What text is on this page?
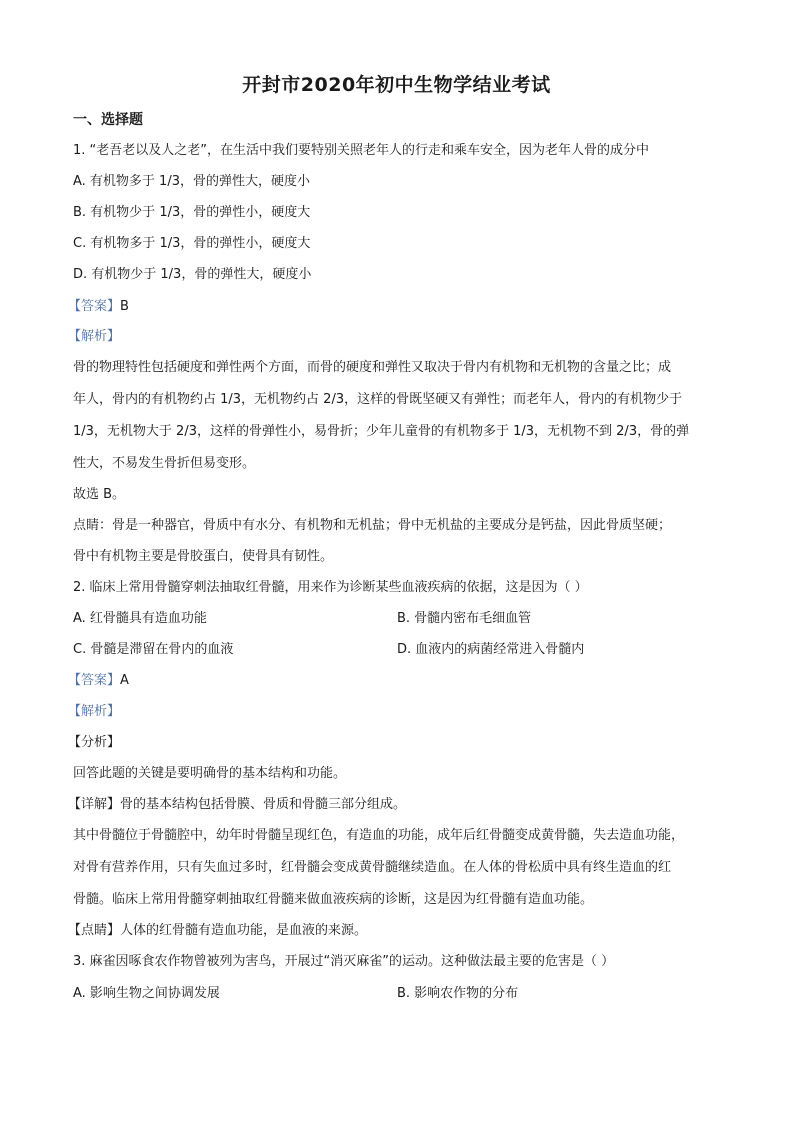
开封市2020年初中生物学结业考试
一、选择题
1. “老吾老以及人之老”，在生活中我们要特别关照老年人的行走和乘车安全，因为老年人骨的成分中
A. 有机物多于 1/3，骨的弹性大，硬度小
B. 有机物少于 1/3，骨的弹性小，硬度大
C. 有机物多于 1/3，骨的弹性小，硬度大
D. 有机物少于 1/3，骨的弹性大，硬度小
【答案】B
【解析】
骨的物理特性包括硬度和弹性两个方面，而骨的硬度和弹性又取决于骨内有机物和无机物的含量之比；成
年人，骨内的有机物约占 1/3，无机物约占 2/3，这样的骨既坚硬又有弹性；而老年人，骨内的有机物少于
1/3，无机物大于 2/3，这样的骨弹性小，易骨折；少年儿童骨的有机物多于 1/3，无机物不到 2/3，骨的弹
性大，不易发生骨折但易变形。
故选 B。
点睛：骨是一种器官，骨质中有水分、有机物和无机盐；骨中无机盐的主要成分是钙盐，因此骨质坚硬；
骨中有机物主要是骨胶蛋白，使骨具有韧性。
2. 临床上常用骨髓穿刺法抽取红骨髓，用来作为诊断某些血液疾病的依据，这是因为（ ）
A. 红骨髓具有造血功能	B. 骨髓内密布毛细血管
C. 骨髓是滞留在骨内的血液	D. 血液内的病菌经常进入骨髓内
【答案】A
【解析】
【分析】
回答此题的关键是要明确骨的基本结构和功能。
【详解】骨的基本结构包括骨膜、骨质和骨髓三部分组成。
其中骨髓位于骨髓腔中，幼年时骨髓呈现红色，有造血的功能，成年后红骨髓变成黄骨髓，失去造血功能，
对骨有营养作用，只有失血过多时，红骨髓会变成黄骨髓继续造血。在人体的骨松质中具有终生造血的红
骨髓。临床上常用骨髓穿刺抽取红骨髓来做血液疾病的诊断，这是因为红骨髓有造血功能。
【点睛】人体的红骨髓有造血功能，是血液的来源。
3. 麻雀因啄食农作物曾被列为害鸟，开展过“消灭麻雀”的运动。这种做法最主要的危害是（ ）
A. 影响生物之间协调发展	B. 影响农作物的分布
